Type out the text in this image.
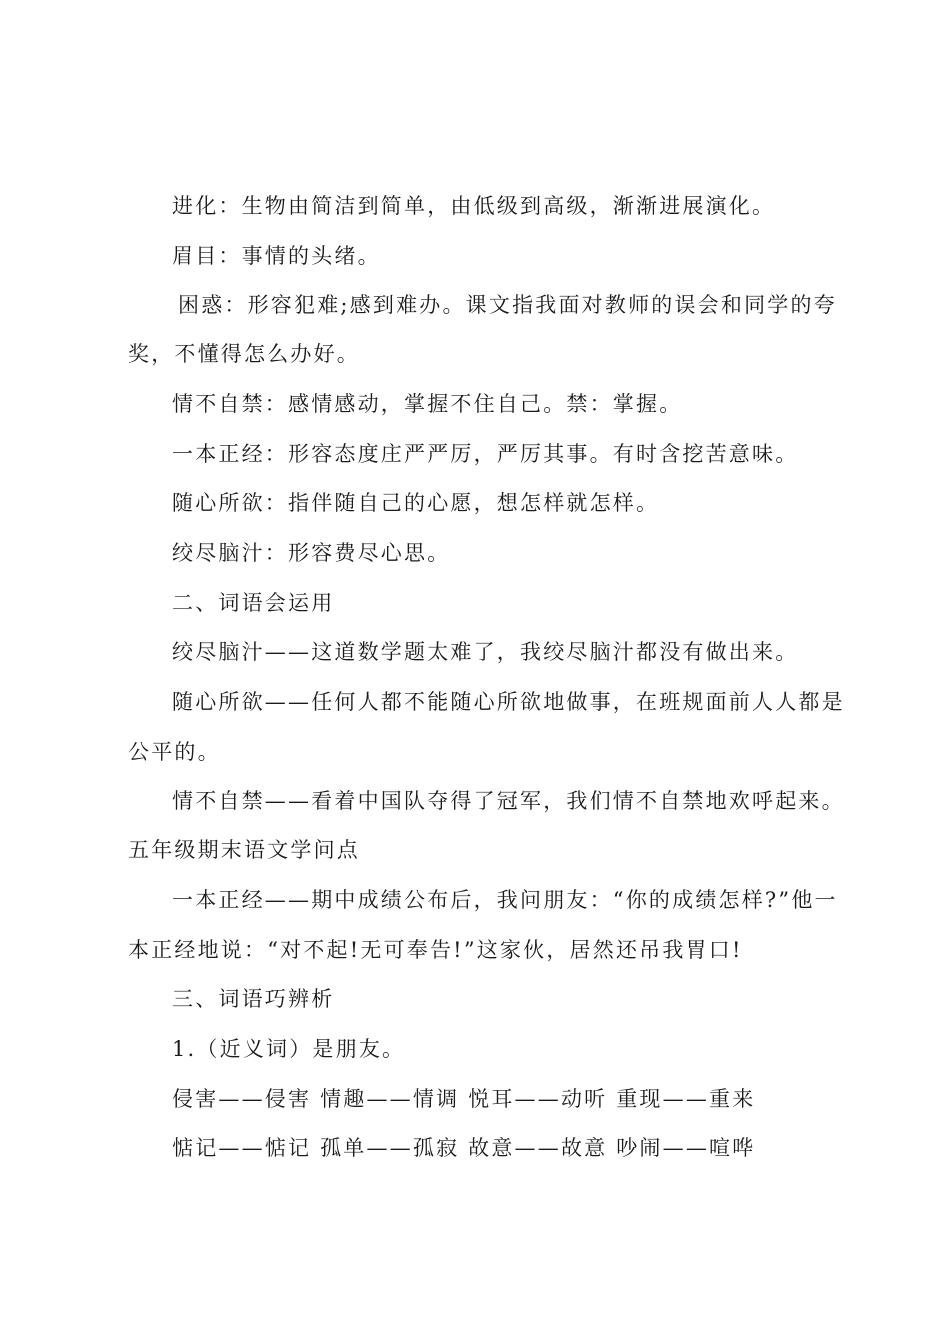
进化：生物由简洁到简单，由低级到高级，渐渐进展演化。
眉目：事情的头绪。
困惑：形容犯难;感到难办。课文指我面对教师的误会和同学的夸
奖，不懂得怎么办好。
情不自禁：感情感动，掌握不住自己。禁：掌握。
一本正经：形容态度庄严严厉，严厉其事。有时含挖苦意味。
随心所欲：指伴随自己的心愿，想怎样就怎样。
绞尽脑汁：形容费尽心思。
二、词语会运用
绞尽脑汁——这道数学题太难了，我绞尽脑汁都没有做出来。
随心所欲——任何人都不能随心所欲地做事，在班规面前人人都是
公平的。
情不自禁——看着中国队夺得了冠军，我们情不自禁地欢呼起来。
五年级期末语文学问点
一本正经——期中成绩公布后，我问朋友：“你的成绩怎样?”他一
本正经地说：“对不起!无可奉告!”这家伙，居然还吊我胃口!
三、词语巧辨析
1.（近义词）是朋友。
侵害——侵害 情趣——情调 悦耳——动听 重现——重来
惦记——惦记 孤单——孤寂 故意——故意 吵闹——喧哗
